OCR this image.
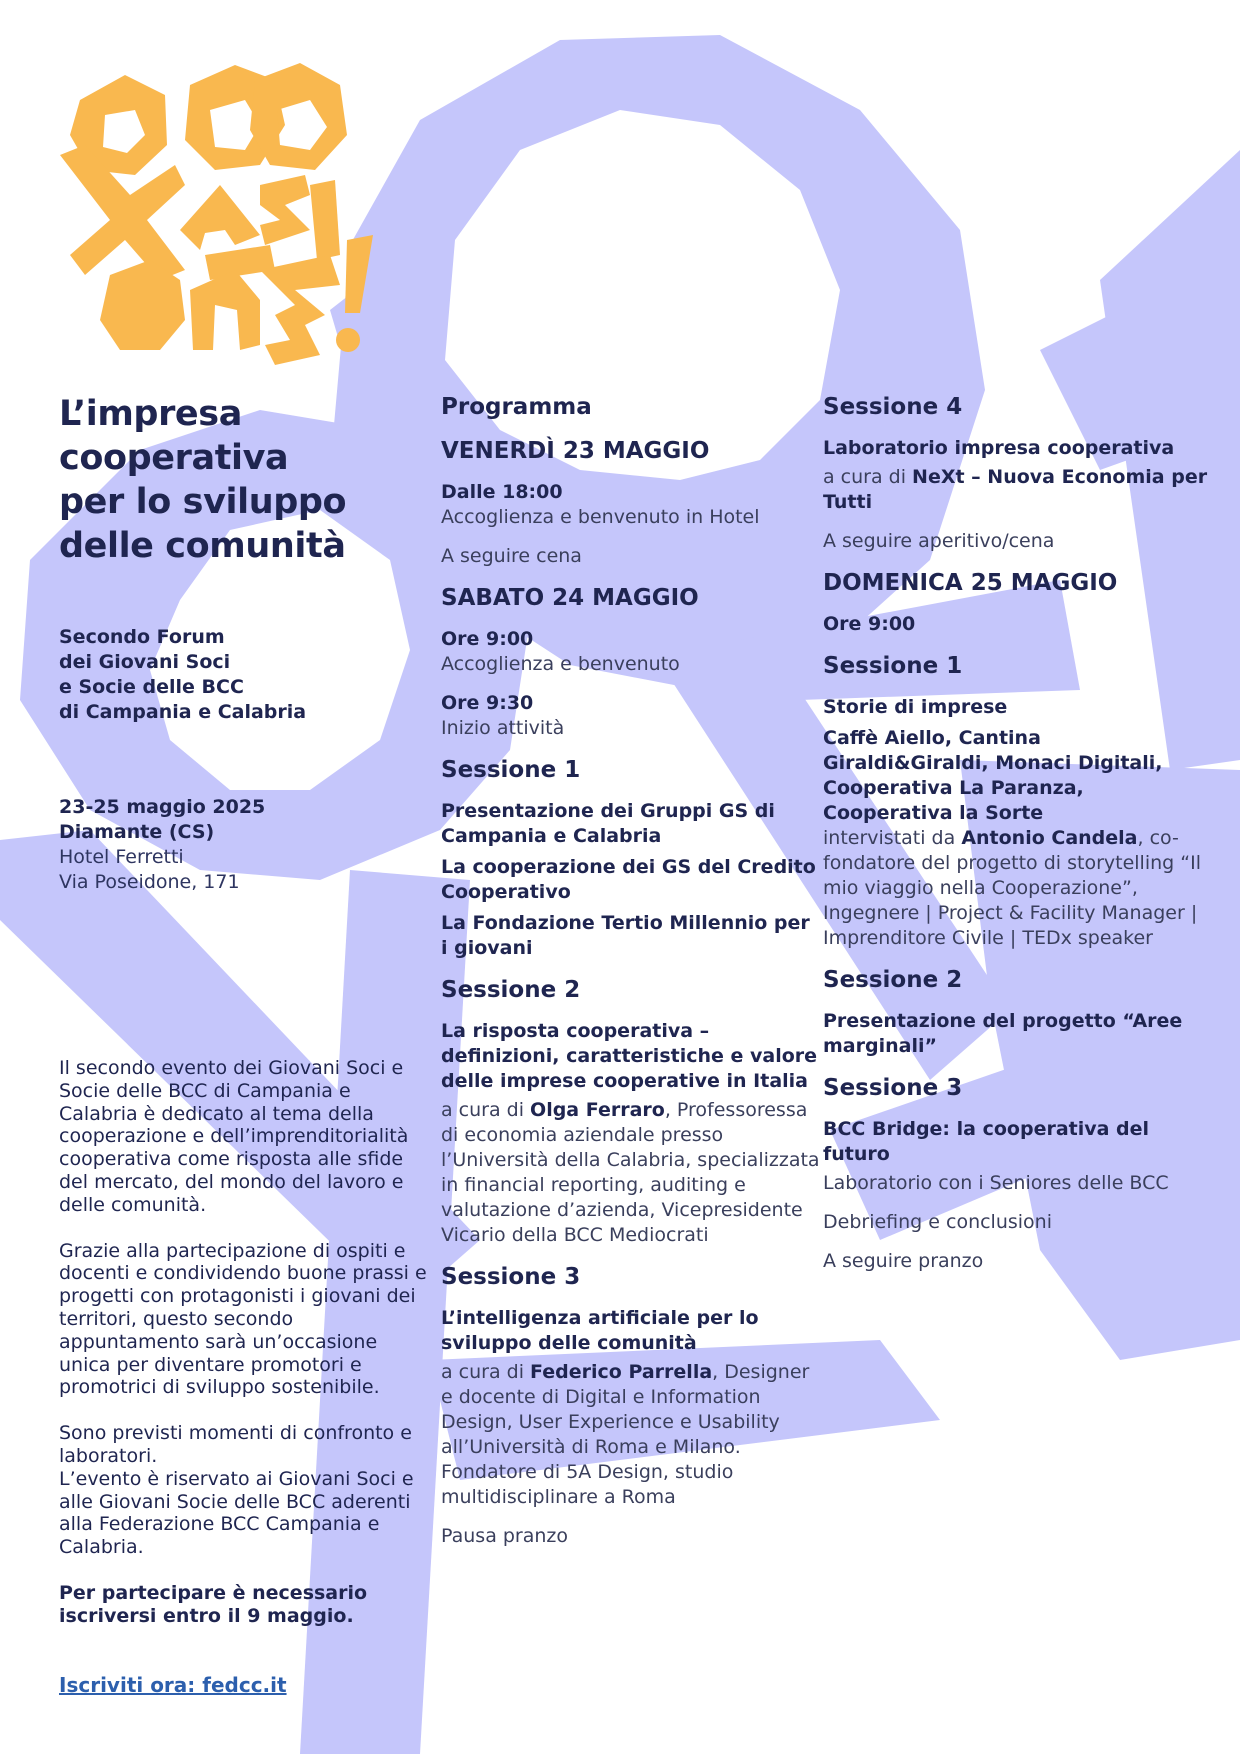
L’impresa
cooperativa
per lo sviluppo
delle comunità
Secondo Forum
dei Giovani Soci
e Socie delle BCC
di Campania e Calabria
23-25 maggio 2025
Diamante (CS)
Hotel Ferretti
Via Poseidone, 171

Il secondo evento dei Giovani Soci e Socie delle BCC di Campania e Calabria è dedicato al tema della cooperazione e dell’imprenditorialità cooperativa come risposta alle sfide del mercato, del mondo del lavoro e delle comunità.

Grazie alla partecipazione di ospiti e docenti e condividendo buone prassi e progetti con protagonisti i giovani dei territori, questo secondo appuntamento sarà un’occasione unica per diventare promotori e promotrici di sviluppo sostenibile.

Sono previsti momenti di confronto e laboratori.

L’evento è riservato ai Giovani Soci e alle Giovani Socie delle BCC aderenti alla Federazione BCC Campania e Calabria.

Per partecipare è necessario iscriversi entro il 9 maggio.

Iscriviti ora: fedcc.it
Programma
VENERDÌ 23 MAGGIO
Dalle 18:00
Accoglienza e benvenuto in Hotel
A seguire cena
SABATO 24 MAGGIO
Ore 9:00
Accoglienza e benvenuto
Ore 9:30
Inizio attività
Sessione 1
Presentazione dei Gruppi GS di Campania e Calabria
La cooperazione dei GS del Credito Cooperativo
La Fondazione Tertio Millennio per i giovani
Sessione 2
La risposta cooperativa – definizioni, caratteristiche e valore delle imprese cooperative in Italia
a cura di Olga Ferraro, Professoressa di economia aziendale presso l’Università della Calabria, specializzata in financial reporting, auditing e valutazione d’azienda, Vicepresidente Vicario della BCC Mediocrati
Sessione 3
L’intelligenza artificiale per lo sviluppo delle comunità
a cura di Federico Parrella, Designer e docente di Digital e Information Design, User Experience e Usability all’Università di Roma e Milano. Fondatore di 5A Design, studio multidisciplinare a Roma
Pausa pranzo
Sessione 4
Laboratorio impresa cooperativa
a cura di NeXt – Nuova Economia per Tutti
A seguire aperitivo/cena
DOMENICA 25 MAGGIO
Ore 9:00
Sessione 1
Storie di imprese
Caffè Aiello, Cantina Giraldi&Giraldi, Monaci Digitali, Cooperativa La Paranza, Cooperativa la Sorte
intervistati da Antonio Candela, co-fondatore del progetto di storytelling “Il mio viaggio nella Cooperazione”, Ingegnere | Project & Facility Manager | Imprenditore Civile | TEDx speaker
Sessione 2
Presentazione del progetto “Aree marginali”
Sessione 3
BCC Bridge: la cooperativa del futuro
Laboratorio con i Seniores delle BCC
Debriefing e conclusioni
A seguire pranzo
